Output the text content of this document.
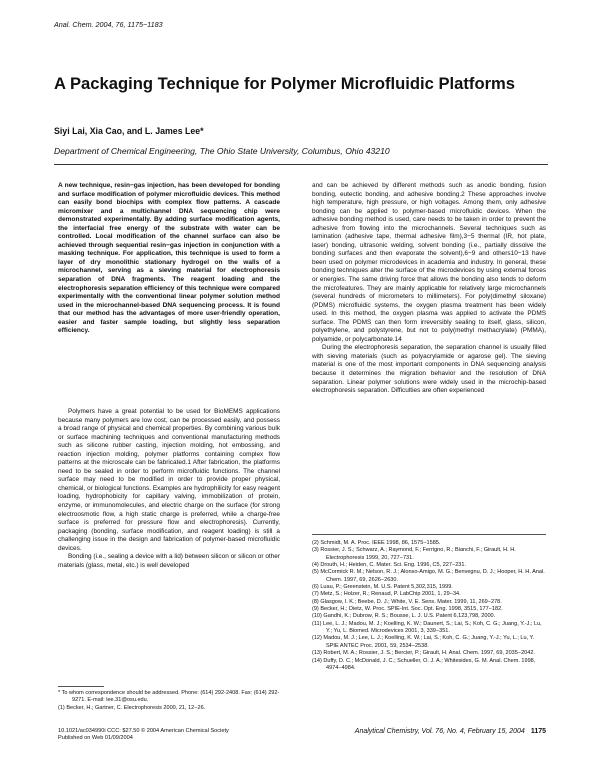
Anal. Chem. 2004, 76, 1175−1183
A Packaging Technique for Polymer Microfluidic Platforms
Siyi Lai, Xia Cao, and L. James Lee*
Department of Chemical Engineering, The Ohio State University, Columbus, Ohio 43210
A new technique, resin−gas injection, has been developed for bonding and surface modification of polymer microfluidic devices. This method can easily bond biochips with complex flow patterns. A cascade micromixer and a multichannel DNA sequencing chip were demonstrated experimentally. By adding surface modification agents, the interfacial free energy of the substrate with water can be controlled. Local modification of the channel surface can also be achieved through sequential resin−gas injection in conjunction with a masking technique. For application, this technique is used to form a layer of dry monolithic stationary hydrogel on the walls of a microchannel, serving as a sieving material for electrophoresis separation of DNA fragments. The reagent loading and the electrophoresis separation efficiency of this technique were compared experimentally with the conventional linear polymer solution method used in the microchannel-based DNA sequencing process. It is found that our method has the advantages of more user-friendly operation, easier and faster sample loading, but slightly less separation efficiency.

Polymers have a great potential to be used for BioMEMS applications because many polymers are low cost, can be processed easily, and possess a broad range of physical and chemical properties. By combining various bulk or surface machining techniques and conventional manufacturing methods such as silicone rubber casting, injection molding, hot embossing, and reaction injection molding, polymer platforms containing complex flow patterns at the microscale can be fabricated.1 After fabrication, the platforms need to be sealed in order to perform microfluidic functions. The channel surface may need to be modified in order to provide proper physical, chemical, or biological functions. Examples are hydrophilicity for easy reagent loading, hydrophobicity for capillary valving, immobilization of protein, enzyme, or immunomolecules, and electric charge on the surface (for strong electroosmotic flow, a high static charge is preferred, while a charge-free surface is preferred for pressure flow and electrophoresis). Currently, packaging (bonding, surface modification, and reagent loading) is still a challenging issue in the design and fabrication of polymer-based microfluidic devices.

Bonding (i.e., sealing a device with a lid) between silicon or silicon or other materials (glass, metal, etc.) is well developed

and can be achieved by different methods such as anodic bonding, fusion bonding, eutectic bonding, and adhesive bonding.2 These approaches involve high temperature, high pressure, or high voltages. Among them, only adhesive bonding can be applied to polymer-based microfluidic devices. When the adhesive bonding method is used, care needs to be taken in order to prevent the adhesive from flowing into the microchannels. Several techniques such as lamination (adhesive tape, thermal adhesive film),3−5 thermal (IR, hot plate, laser) bonding, ultrasonic welding, solvent bonding (i.e., partially dissolve the bonding surfaces and then evaporate the solvent),6−9 and others10−13 have been used on polymer microdevices in academia and industry. In general, these bonding techniques alter the surface of the microdevices by using external forces or energies. The same driving force that allows the bonding also tends to deform the microfeatures. They are mainly applicable for relatively large microchannels (several hundreds of micrometers to millimeters). For poly(dimethyl siloxane) (PDMS) microfluidic systems, the oxygen plasma treatment has been widely used. In this method, the oxygen plasma was applied to activate the PDMS surface. The PDMS can then form irreversibly sealing to itself, glass, silicon, polyethylene, and polystyrene, but not to poly(methyl methacrylate) (PMMA), polyamide, or polycarbonate.14

During the electrophoresis separation, the separation channel is usually filled with sieving materials (such as polyacrylamide or agarose gel). The sieving material is one of the most important components in DNA sequencing analysis because it determines the migration behavior and the resolution of DNA separation. Linear polymer solutions were widely used in the microchip-based electrophoresis separation. Difficulties are often experienced

(2) Schmidt, M. A. Proc. IEEE 1998, 86, 1575−1585.
(3) Rossier, J. S.; Schwarz, A.; Raymond, F.; Ferrigno, R.; Bianchi, F.; Girault, H. H. Electrophoresis 1999, 20, 727−731.
(4) Drouth, H.; Heiden, C. Mater. Sci. Eng. 1996, C5, 227−231.
(5) McCormick R. M.; Nelson, R. J.; Alonso-Amigo, M. G.; Benvegnu, D. J.; Hooper, H. H. Anal. Chem. 1997, 69, 2626−2630.
(6) Luau, P.; Greenstein, M. U.S. Patent 5,302,315, 1999.
(7) Metz, S.; Holzer, R.; Renaud, P. LabChip 2001, 1, 29−34.
(8) Glasgow, I. K.; Beebe, D. J.; White, V. E. Sens. Mater. 1999, 11, 269−278.
(9) Becker, H.; Dietz, W. Proc. SPIE-Int. Soc. Opt. Eng. 1998, 3515, 177−182.
(10) Gandhi, K.; Dubrow, R. S.; Bousse, L. J. U.S. Patent 6,123,798, 2000.
(11) Lee, L. J.; Madou, M. J.; Koelling, K. W.; Daunert, S.; Lai, S.; Koh, C. G.; Juang, Y.-J.; Lu, Y.; Yu, L. Biomed. Microdevices 2001, 3, 339−351.
(12) Madou, M. J.; Lee, L. J.; Koelling, K. W.; Lai, S.; Koh, C. G.; Juang, Y.-J.; Yu, L.; Lu, Y. SPIE ANTEC Proc. 2001, 59, 2534−2538.
(13) Robert, M. A.; Rossier, J. S.; Bercier, P.; Girault, H. Anal. Chem. 1997, 69, 2035−2042.
(14) Duffy, D. C.; McDonald, J. C.; Schueller, O. J. A.; Whitesides, G. M. Anal. Chem. 1998, 4974−4984.
* To whom correspondence should be addressed. Phone: (614) 292-2408. Fax: (614) 292-9271. E-mail: lee.31@osu.edu.
(1) Becker, H.; Gartner, C. Electrophoresis 2000, 21, 12−26.
10.1021/ac034990i CCC: $27.50 © 2004 American Chemical Society
Published on Web 01/09/2004
Analytical Chemistry, Vol. 76, No. 4, February 15, 2004 1175
